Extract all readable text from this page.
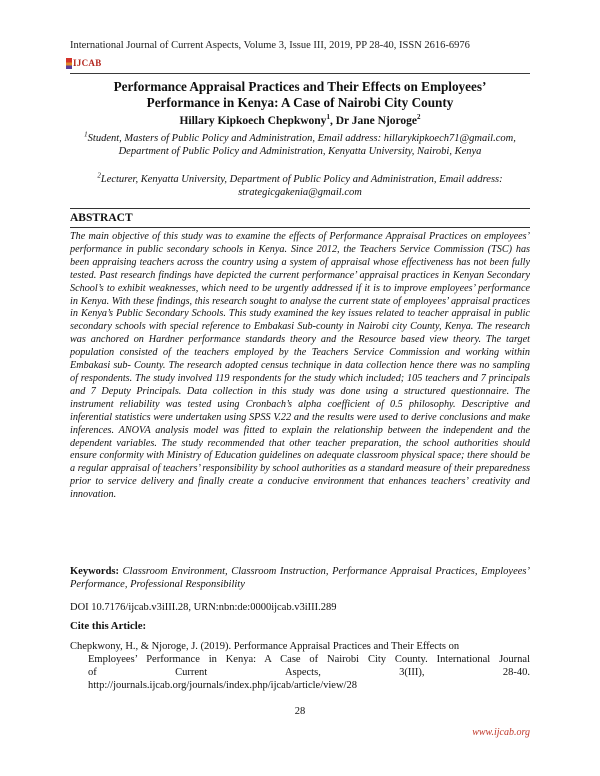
International Journal of Current Aspects, Volume 3, Issue III, 2019, PP 28-40, ISSN 2616-6976
IJCAB
Performance Appraisal Practices and Their Effects on Employees’
Performance in Kenya: A Case of Nairobi City County
Hillary Kipkoech Chepkwony$^1$, Dr Jane Njoroge$^2$
$^1$Student, Masters of Public Policy and Administration, Email address: hillarykipkoech71@gmail.com, Department of Public Policy and Administration, Kenyatta University, Nairobi, Kenya
$^2$Lecturer, Kenyatta University, Department of Public Policy and Administration, Email address: strategicgakenia@gmail.com
ABSTRACT
The main objective of this study was to examine the effects of Performance Appraisal Practices on employees’ performance in public secondary schools in Kenya. Since 2012, the Teachers Service Commission (TSC) has been appraising teachers across the country using a system of appraisal whose effectiveness has not been fully tested. Past research findings have depicted the current performance’ appraisal practices in Kenyan Secondary School’s to exhibit weaknesses, which need to be urgently addressed if it is to improve employees’ performance in Kenya. With these findings, this research sought to analyse the current state of employees’ appraisal practices in Kenya’s Public Secondary Schools. This study examined the key issues related to teacher appraisal in public secondary schools with special reference to Embakasi Sub-county in Nairobi city County, Kenya. The research was anchored on Hardner performance standards theory and the Resource based view theory. The target population consisted of the teachers employed by the Teachers Service Commission and working within Embakasi sub- County. The research adopted census technique in data collection hence there was no sampling of respondents. The study involved 119 respondents for the study which included; 105 teachers and 7 principals and 7 Deputy Principals. Data collection in this study was done using a structured questionnaire. The instrument reliability was tested using Cronbach’s alpha coefficient of 0.5 philosophy. Descriptive and inferential statistics were undertaken using SPSS V.22 and the results were used to derive conclusions and make inferences. ANOVA analysis model was fitted to explain the relationship between the independent and the dependent variables. The study recommended that other teacher preparation, the school authorities should ensure conformity with Ministry of Education guidelines on adequate classroom physical space; there should be a regular appraisal of teachers’ responsibility by school authorities as a standard measure of their preparedness prior to service delivery and finally create a conducive environment that enhances teachers’ creativity and innovation.
Keywords: Classroom Environment, Classroom Instruction, Performance Appraisal Practices, Employees’ Performance, Professional Responsibility
DOI 10.7176/ijcab.v3iIII.28, URN:nbn:de:0000ijcab.v3iIII.289
Cite this Article:
Chepkwony, H., & Njoroge, J. (2019). Performance Appraisal Practices and Their Effects on
Employees’ Performance in Kenya: A Case of Nairobi City County. International Journal
of Current Aspects, 3(III), 28-40.
http://journals.ijcab.org/journals/index.php/ijcab/article/view/28
28
www.ijcab.org
